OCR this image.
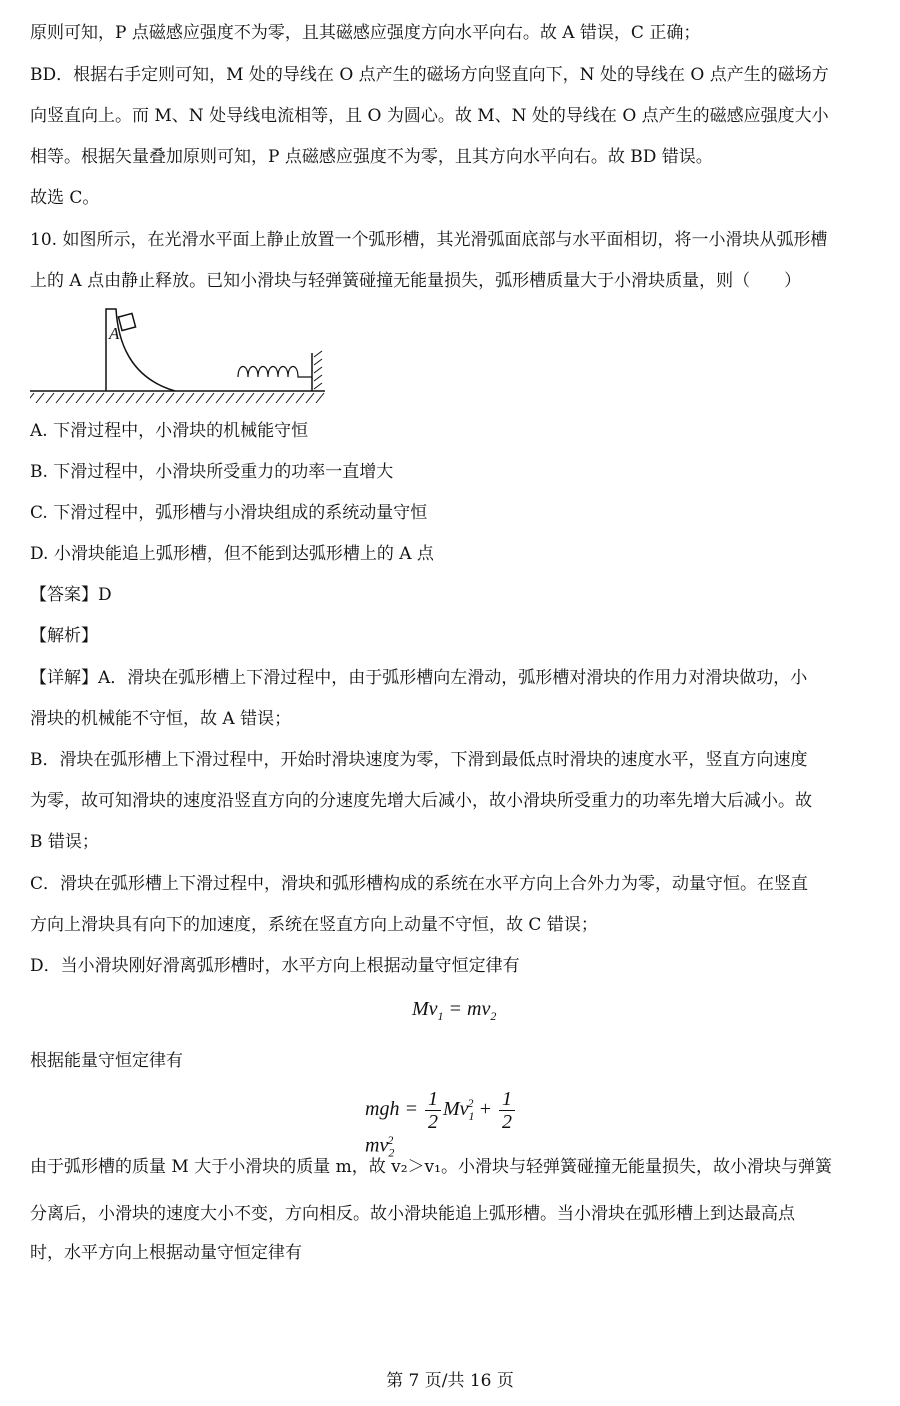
原则可知，P 点磁感应强度不为零，且其磁感应强度方向水平向右。故 A 错误，C 正确；
BD．根据右手定则可知，M 处的导线在 O 点产生的磁场方向竖直向下，N 处的导线在 O 点产生的磁场方
向竖直向上。而 M、N 处导线电流相等，且 O 为圆心。故 M、N 处的导线在 O 点产生的磁感应强度大小
相等。根据矢量叠加原则可知，P 点磁感应强度不为零，且其方向水平向右。故 BD 错误。
故选 C。
10. 如图所示，在光滑水平面上静止放置一个弧形槽，其光滑弧面底部与水平面相切，将一小滑块从弧形槽
上的 A 点由静止释放。已知小滑块与轻弹簧碰撞无能量损失，弧形槽质量大于小滑块质量，则（　　）
A
A. 下滑过程中，小滑块的机械能守恒
B. 下滑过程中，小滑块所受重力的功率一直增大
C. 下滑过程中，弧形槽与小滑块组成的系统动量守恒
D. 小滑块能追上弧形槽，但不能到达弧形槽上的 A 点
【答案】D
【解析】
【详解】A．滑块在弧形槽上下滑过程中，由于弧形槽向左滑动，弧形槽对滑块的作用力对滑块做功，小
滑块的机械能不守恒，故 A 错误；
B．滑块在弧形槽上下滑过程中，开始时滑块速度为零，下滑到最低点时滑块的速度水平，竖直方向速度
为零，故可知滑块的速度沿竖直方向的分速度先增大后减小，故小滑块所受重力的功率先增大后减小。故
B 错误；
C．滑块在弧形槽上下滑过程中，滑块和弧形槽构成的系统在水平方向上合外力为零，动量守恒。在竖直
方向上滑块具有向下的加速度，系统在竖直方向上动量不守恒，故 C 错误；
D．当小滑块刚好滑离弧形槽时，水平方向上根据动量守恒定律有
$Mv_1 = mv_2$
根据能量守恒定律有
mgh = $\frac{1}{2} Mv_1^2 + \frac{1}{2}$
$mv_2^2$
由于弧形槽的质量 M 大于小滑块的质量 m，故 v₂＞v₁。小滑块与轻弹簧碰撞无能量损失，故小滑块与弹簧
分离后，小滑块的速度大小不变，方向相反。故小滑块能追上弧形槽。当小滑块在弧形槽上到达最高点
时，水平方向上根据动量守恒定律有
第 7 页/共 16 页
